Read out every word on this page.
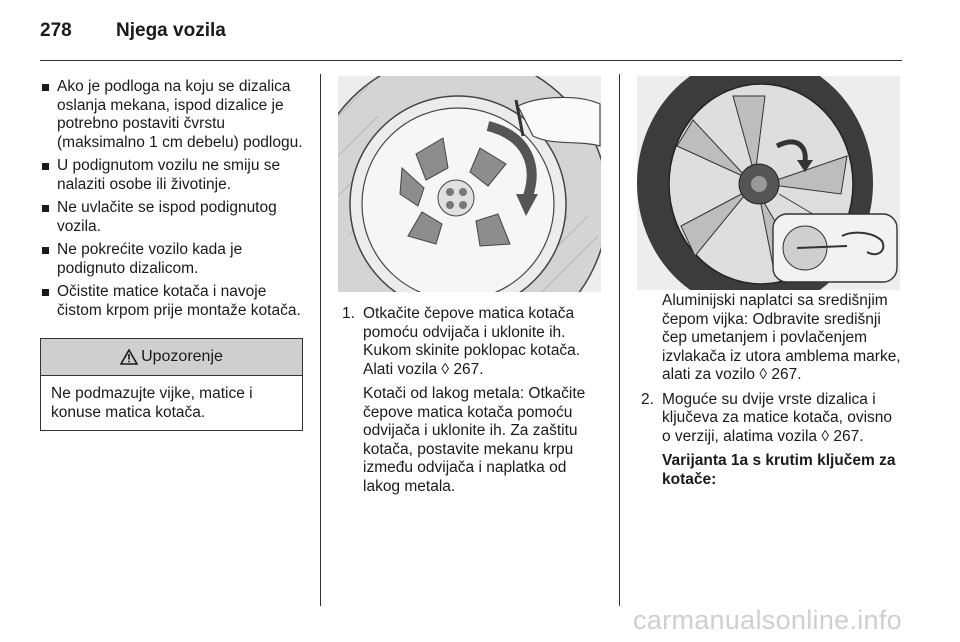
278 Njega vozila
Ako je podloga na koju se dizalica oslanja mekana, ispod dizalice je potrebno postaviti čvrstu (maksimalno 1 cm debelu) podlogu.
U podignutom vozilu ne smiju se nalaziti osobe ili životinje.
Ne uvlačite se ispod podignutog vozila.
Ne pokrećite vozilo kada je podignuto dizalicom.
Očistite matice kotača i navoje čistom krpom prije montaže kotača.
Upozorenje
Ne podmazujte vijke, matice i konuse matica kotača.
1. Otkačite čepove matica kotača pomoću odvijača i uklonite ih. Kukom skinite poklopac kotača. Alati vozila ◊ 267.
Kotači od lakog metala: Otkačite čepove matica kotača pomoću odvijača i uklonite ih. Za zaštitu kotača, postavite mekanu krpu između odvijača i naplatka od lakog metala.
Aluminijski naplatci sa središnjim čepom vijka: Odbravite središnji čep umetanjem i povlačenjem izvlakača iz utora amblema marke, alati za vozilo ◊ 267.
2. Moguće su dvije vrste dizalica i ključeva za matice kotača, ovisno o verziji, alatima vozila ◊ 267.
Varijanta 1a s krutim ključem za kotače:
carmanualsonline.info
